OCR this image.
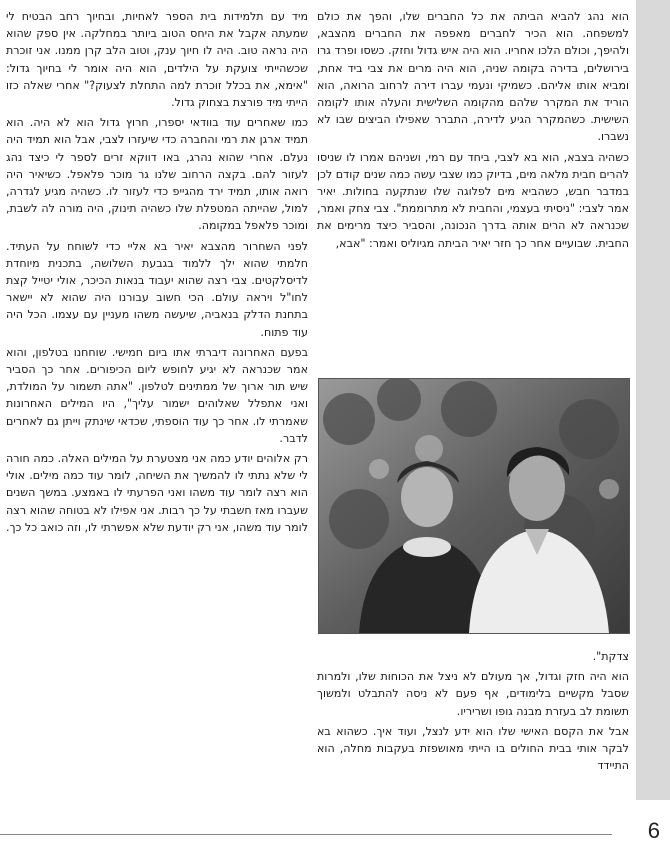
הוא נהג להביא הביתה את כל החברים שלו, והפך את כולם למשפחה. הוא הכיר לחברים מאפפה את החברים מהצבא, ולהיפך, וכולם הלכו אחריו. הוא היה איש גדול וחזק. כשסו ופרד גרו בירושלים, בדירה בקומה שניה, הוא היה מרים את צבי ביד אחת, ומביא אותו אליהם. כשמיקי ונעמי עברו דירה לרחוב הרואה, הוא הוריד את המקרר שלהם מהקומה השלישית והעלה אותו לקומה השישית. כשהמקרר הגיע לדירה, התברר שאפילו הביצים שבו לא נשברו.

כשהיה בצבא, הוא בא לצבי, ביחד עם רמי, ושניהם אמרו לו שניסו להרים חבית מלאה מים, בדיוק כמו שצבי עשה כמה שנים קודם לכן במדבר חבש, כשהביא מים לפלוגה שלו שנתקעה בחולות. יאיר אמר לצבי: "ניסיתי בעצמי, והחבית לא מתרוממת". צבי צחק ואמר, שכנראה לא הרים אותה בדרך הנכונה, והסביר כיצד מרימים את החבית. שבועיים אחר כך חזר יאיר הביתה מגיוליס ואמר: "אבא,

צדקת".

הוא היה חזק וגדול, אך מעולם לא ניצל את הכוחות שלו, ולמרות שסבל מקשיים בלימודים, אף פעם לא ניסה להתבלט ולמשוך תשומת לב בעזרת מבנה גופו ושריריו.

אבל את הקסם האישי שלו הוא ידע לנצל, ועוד איך. כשהוא בא לבקר אותי בבית החולים בו הייתי מאושפזת בעקבות מחלה, הוא התיידד

מיד עם תלמידות בית הספר לאחיות, ובחיוך רחב הבטיח לי שמעתה אקבל את היחס הטוב ביותר במחלקה. אין ספק שהוא היה נראה טוב. היה לו חיוך ענק, וטוב הלב קרן ממנו. אני זוכרת שכשהייתי צועקת על הילדים, הוא היה אומר לי בחיוך גדול: "אימא, את בכלל זוכרת למה התחלת לצעוק?" אחרי שאלה כזו הייתי מיד פורצת בצחוק גדול.

כמו שאחרים עוד בוודאי יספרו, חרוץ גדול הוא לא היה. הוא תמיד ארגן את רמי והחברה כדי שיעזרו לצבי, אבל הוא תמיד היה נעלם. אחרי שהוא נהרג, באו דווקא זרים לספר לי כיצד נהג לעזור להם. בקצה הרחוב שלנו גר מוכר פלאפל. כשיאיר היה רואה אותו, תמיד ירד מהגייפ כדי לעזור לו. כשהיה מגיע לגדרה, למול, שהייתה המטפלת שלו כשהיה תינוק, היה מורה לה לשבת, ומוכר פלאפל במקומה.

לפני השחרור מהצבא יאיר בא אליי כדי לשוחח על העתיד. חלמתי שהוא ילך ללמוד בגבעת השלושה, בתכנית מיוחדת לדיסלקטים. צבי רצה שהוא יעבוד בנאות הכיכר, אולי יטייל קצת לחו"ל ויראה עולם. הכי חשוב עבורנו היה שהוא לא יישאר בתחנת הדלק בנאביה, שיעשה משהו מעניין עם עצמו. הכל היה עוד פתוח.

בפעם האחרונה דיברתי אתו ביום חמישי. שוחחנו בטלפון, והוא אמר שכנראה לא יגיע לחופש ליום הכיפורים. אחר כך הסביר שיש תור ארוך של ממתינים לטלפון. "אתה תשמור על המולדת, ואני אתפלל שאלוהים ישמור עליך", היו המילים האחרונות שאמרתי לו. אחר כך עוד הוספתי, שכדאי שינתק וייתן גם לאחרים לדבר.

רק אלוהים יודע כמה אני מצטערת על המילים האלה. כמה חורה לי שלא נתתי לו להמשיך את השיחה, לומר עוד כמה מילים. אולי הוא רצה לומר עוד משהו ואני הפרעתי לו באמצע. במשך השנים שעברו מאז חשבתי על כך רבות. אני אפילו לא בטוחה שהוא רצה לומר עוד משהו, אני רק יודעת שלא אפשרתי לו, וזה כואב כל כך.

6
